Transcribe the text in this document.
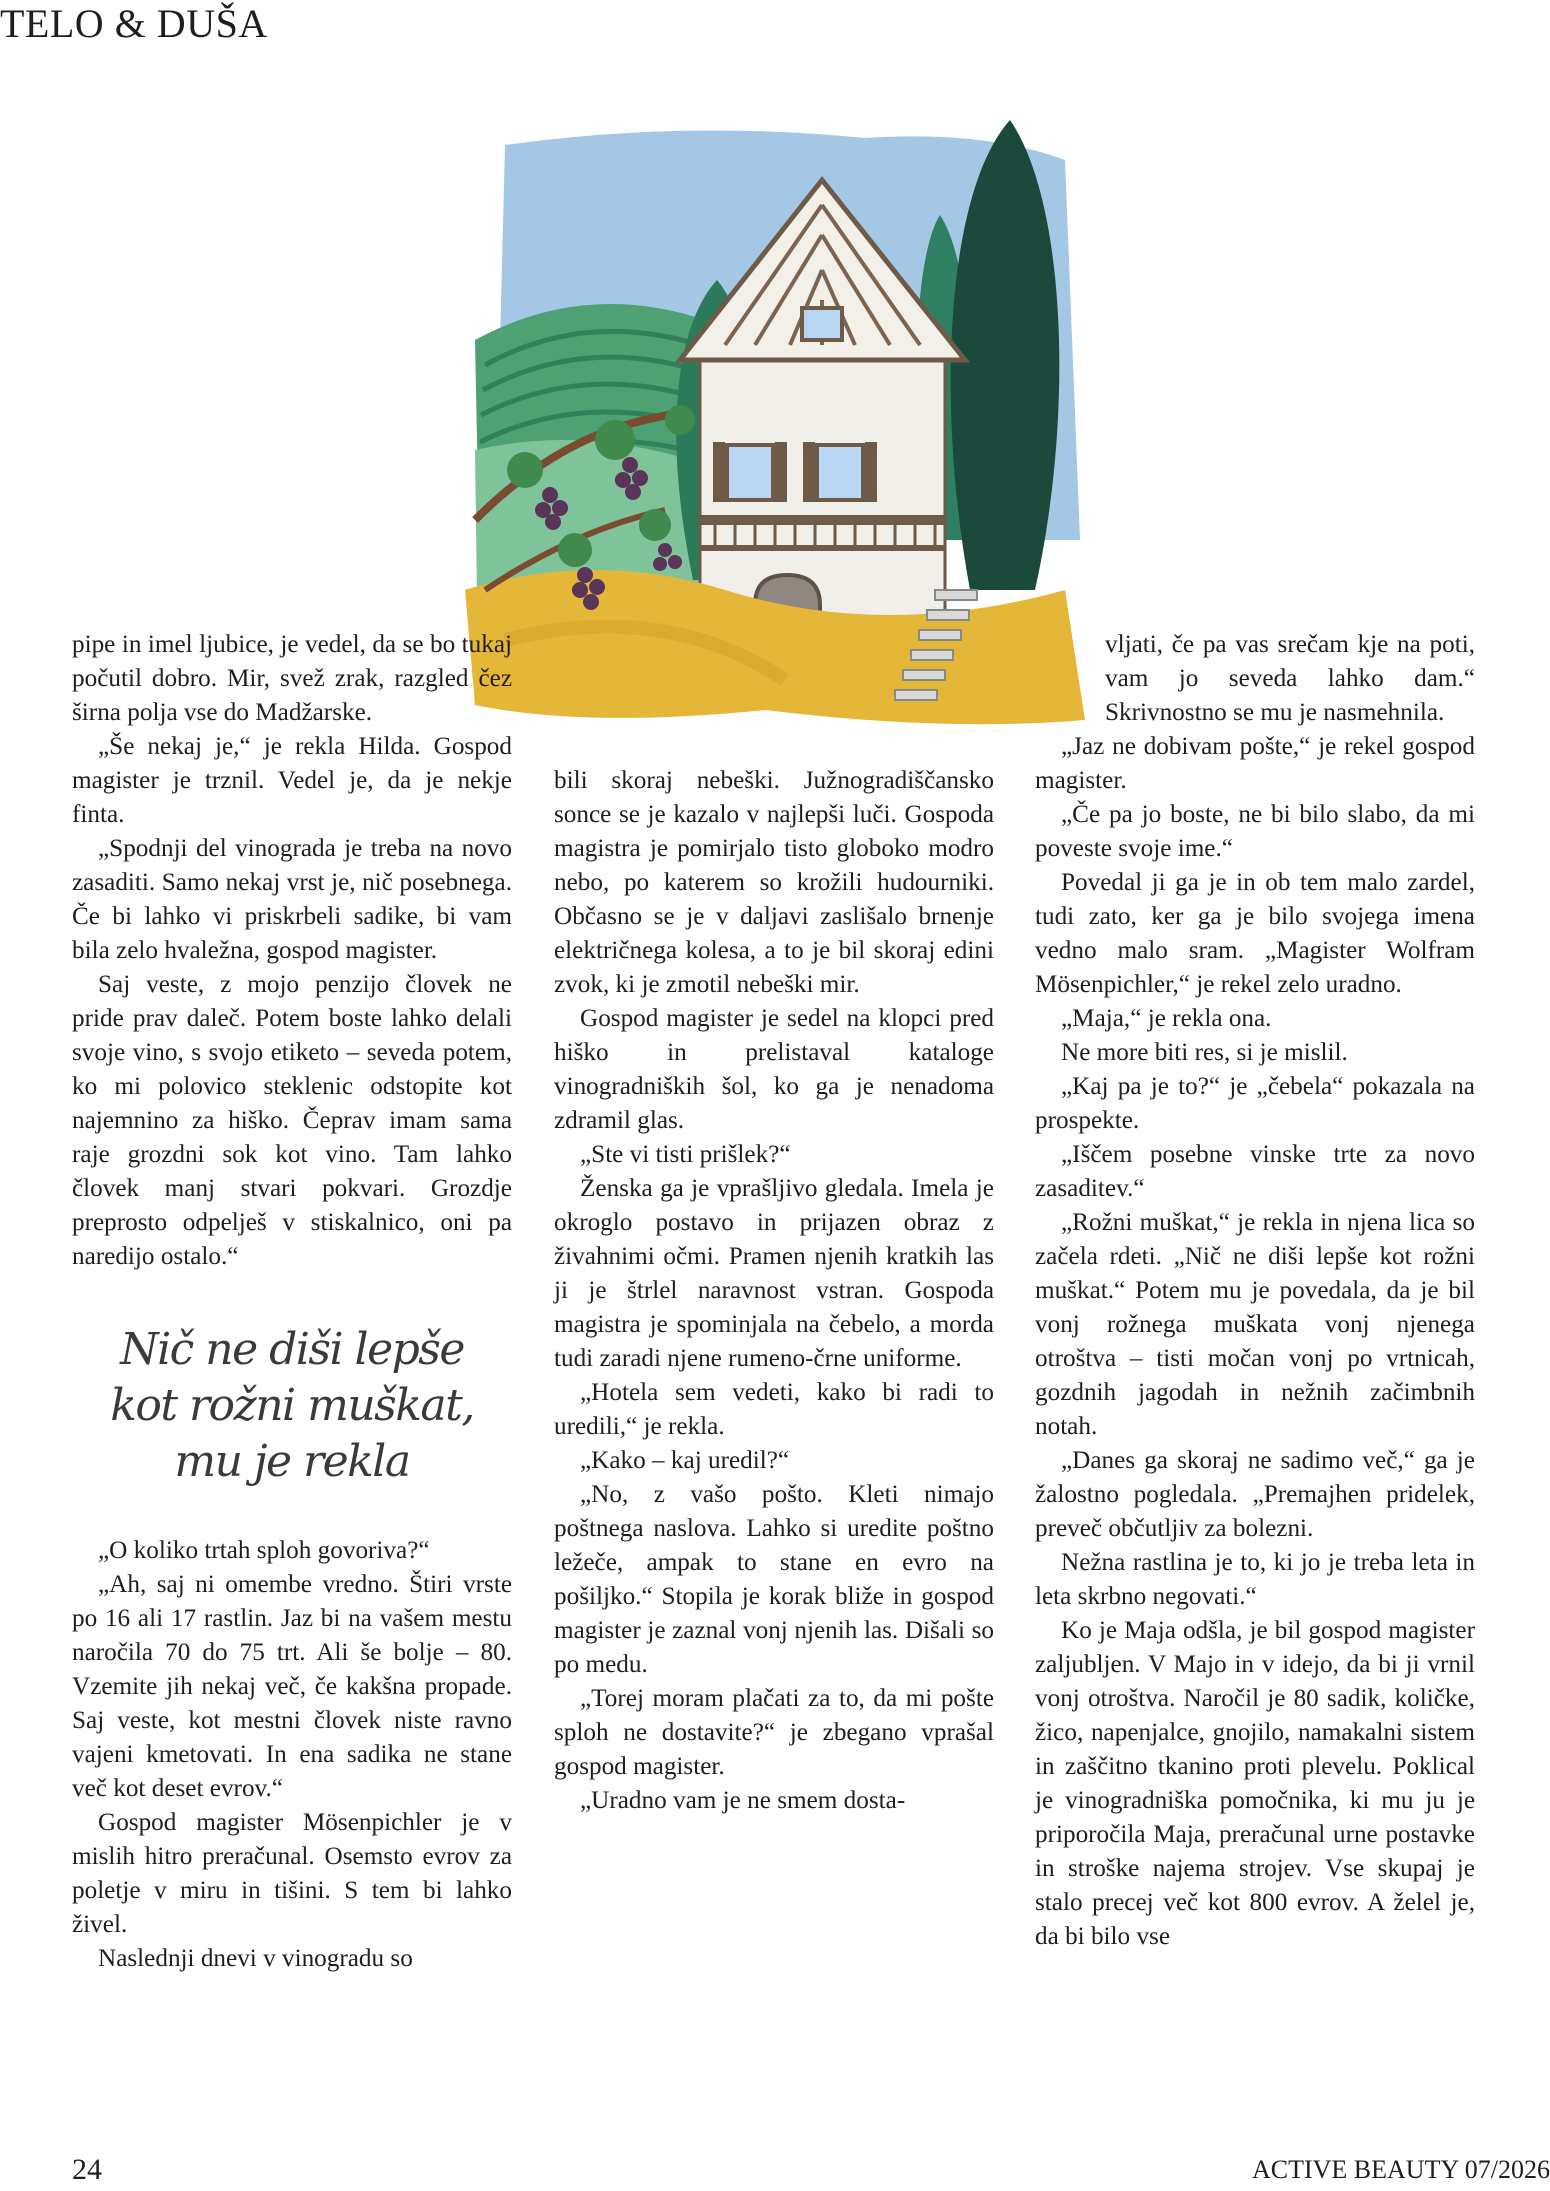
TELO & DUŠA

pipe in imel ljubice, je vedel, da se bo tukaj počutil dobro. Mir, svež zrak, razgled čez širna polja vse do Madžarske.

„Še nekaj je,“ je rekla Hilda. Gospod magister je trznil. Vedel je, da je nekje finta.

„Spodnji del vinograda je treba na novo zasaditi. Samo nekaj vrst je, nič posebnega. Če bi lahko vi priskrbeli sadike, bi vam bila zelo hvaležna, gospod magister.

Saj veste, z mojo penzijo človek ne pride prav daleč. Potem boste lahko delali svoje vino, s svojo etiketo – seveda potem, ko mi polovico steklenic odstopite kot najemnino za hiško. Čeprav imam sama raje grozdni sok kot vino. Tam lahko človek manj stvari pokvari. Grozdje preprosto odpelješ v stiskalnico, oni pa naredijo ostalo.“

Nič ne diši lepše
kot rožni muškat,
mu je rekla

„O koliko trtah sploh govoriva?“

„Ah, saj ni omembe vredno. Štiri vrste po 16 ali 17 rastlin. Jaz bi na vašem mestu naročila 70 do 75 trt. Ali še bolje – 80. Vzemite jih nekaj več, če kakšna propade. Saj veste, kot mestni človek niste ravno vajeni kmetovati. In ena sadika ne stane več kot deset evrov.“

Gospod magister Mösenpichler je v mislih hitro preračunal. Osemsto evrov za poletje v miru in tišini. S tem bi lahko živel.

Naslednji dnevi v vinogradu so

bili skoraj nebeški. Južnogradiščansko sonce se je kazalo v najlepši luči. Gospoda magistra je pomirjalo tisto globoko modro nebo, po katerem so krožili hudourniki. Občasno se je v daljavi zaslišalo brnenje električnega kolesa, a to je bil skoraj edini zvok, ki je zmotil nebeški mir.

Gospod magister je sedel na klopci pred hiško in prelistaval kataloge vinogradniških šol, ko ga je nenadoma zdramil glas.

„Ste vi tisti prišlek?“

Ženska ga je vprašljivo gledala. Imela je okroglo postavo in prijazen obraz z živahnimi očmi. Pramen njenih kratkih las ji je štrlel naravnost vstran. Gospoda magistra je spominjala na čebelo, a morda tudi zaradi njene rumeno-črne uniforme.

„Hotela sem vedeti, kako bi radi to uredili,“ je rekla.

„Kako – kaj uredil?“

„No, z vašo pošto. Kleti nimajo poštnega naslova. Lahko si uredite poštno ležeče, ampak to stane en evro na pošiljko.“ Stopila je korak bliže in gospod magister je zaznal vonj njenih las. Dišali so po medu.

„Torej moram plačati za to, da mi pošte sploh ne dostavite?“ je zbegano vprašal gospod magister.

„Uradno vam je ne smem dosta-

vljati, če pa vas srečam kje na poti, vam jo seveda lahko dam.“ Skrivnostno se mu je nasmehnila.

„Jaz ne dobivam pošte,“ je rekel gospod magister.

„Če pa jo boste, ne bi bilo slabo, da mi poveste svoje ime.“

Povedal ji ga je in ob tem malo zardel, tudi zato, ker ga je bilo svojega imena vedno malo sram. „Magister Wolfram Mösenpichler,“ je rekel zelo uradno.

„Maja,“ je rekla ona.

Ne more biti res, si je mislil.

„Kaj pa je to?“ je „čebela“ pokazala na prospekte.

„Iščem posebne vinske trte za novo zasaditev.“

„Rožni muškat,“ je rekla in njena lica so začela rdeti. „Nič ne diši lepše kot rožni muškat.“ Potem mu je povedala, da je bil vonj rožnega muškata vonj njenega otroštva – tisti močan vonj po vrtnicah, gozdnih jagodah in nežnih začimbnih notah.

„Danes ga skoraj ne sadimo več,“ ga je žalostno pogledala. „Premajhen pridelek, preveč občutljiv za bolezni.

Nežna rastlina je to, ki jo je treba leta in leta skrbno negovati.“

Ko je Maja odšla, je bil gospod magister zaljubljen. V Majo in v idejo, da bi ji vrnil vonj otroštva. Naročil je 80 sadik, količke, žico, napenjalce, gnojilo, namakalni sistem in zaščitno tkanino proti plevelu. Poklical je vinogradniška pomočnika, ki mu ju je priporočila Maja, preračunal urne postavke in stroške najema strojev. Vse skupaj je stalo precej več kot 800 evrov. A želel je, da bi bilo vse

24	ACTIVE BEAUTY 07/2026
